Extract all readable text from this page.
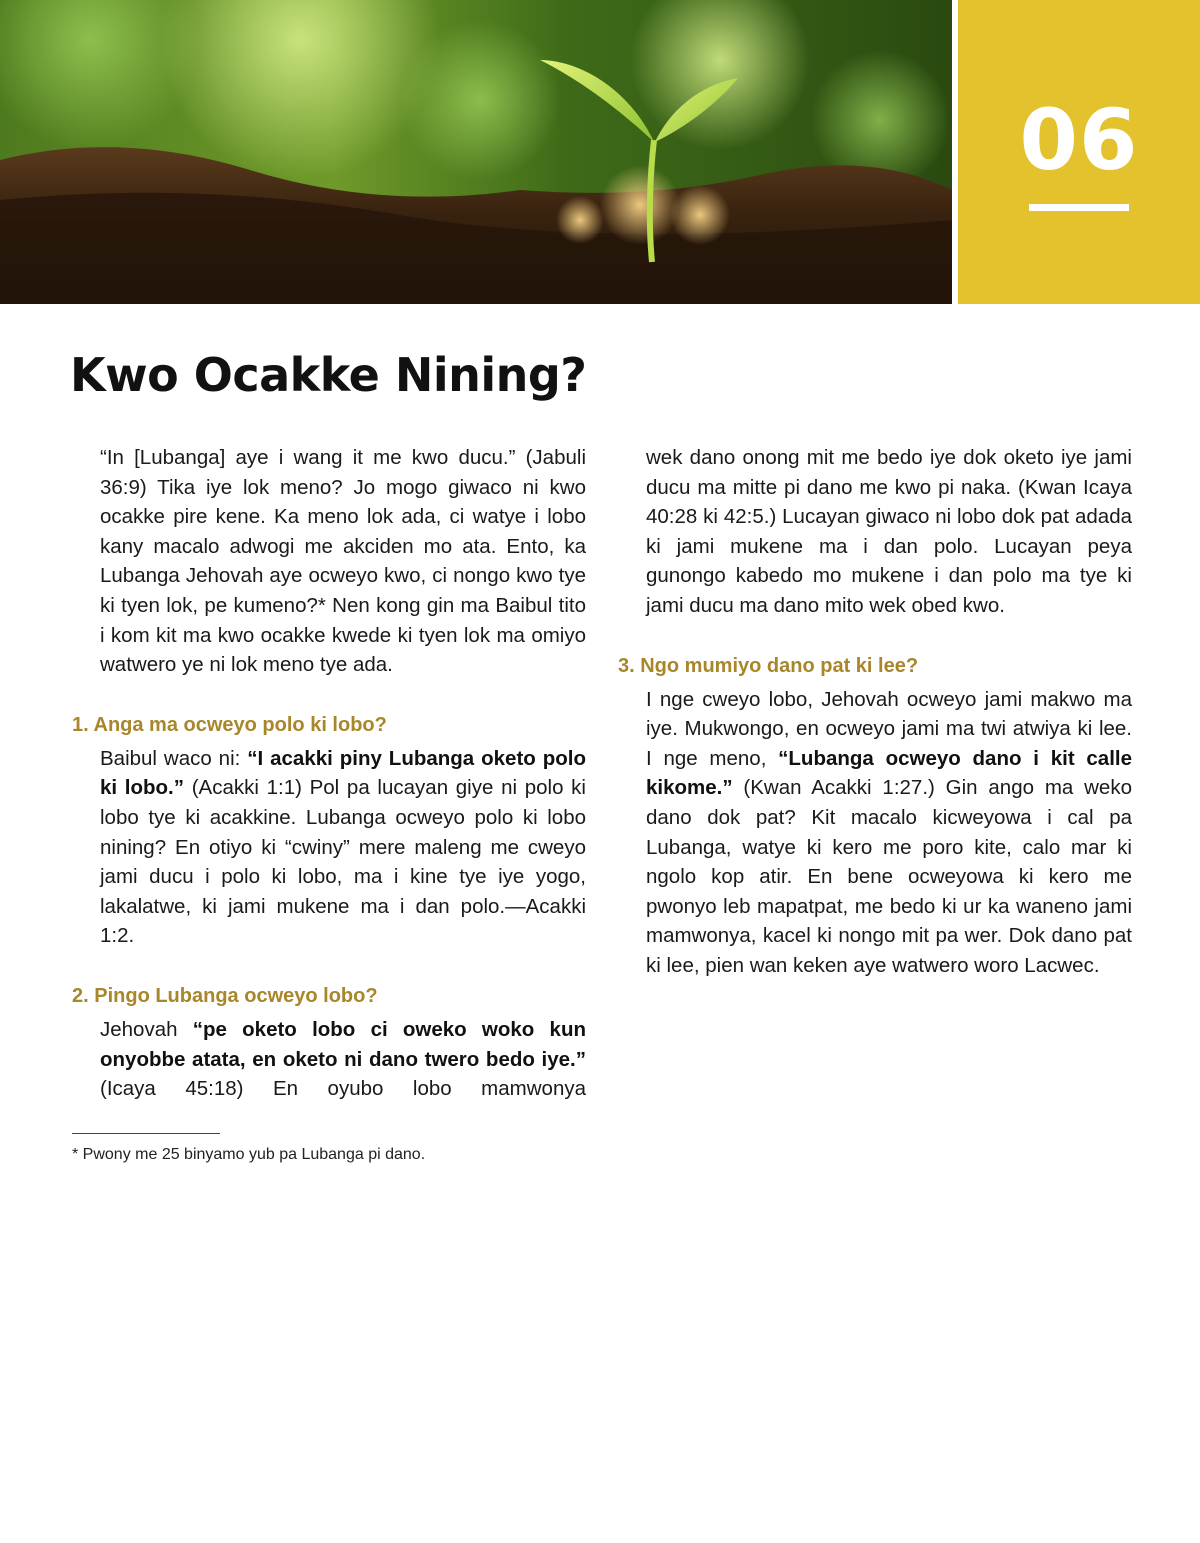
06
Kwo Ocakke Nining?

“In [Lubanga] aye i wang it me kwo ducu.” (Jabuli 36:9) Tika iye lok meno? Jo mogo giwaco ni kwo ocakke pire kene. Ka meno lok ada, ci watye i lobo kany macalo adwogi me akciden mo ata. Ento, ka Lubanga Jehovah aye ocweyo kwo, ci nongo kwo tye ki tyen lok, pe kumeno?* Nen kong gin ma Baibul tito i kom kit ma kwo ocakke kwede ki tyen lok ma omiyo watwero ye ni lok meno tye ada.

1. Anga ma ocweyo polo ki lobo?

Baibul waco ni: “I acakki piny Lubanga oketo polo ki lobo.” (Acakki 1:1) Pol pa lucayan giye ni polo ki lobo tye ki acakkine. Lubanga ocweyo polo ki lobo nining? En otiyo ki “cwiny” mere maleng me cweyo jami ducu i polo ki lobo, ma i kine tye iye yogo, lakalatwe, ki jami mukene ma i dan polo.—Acakki 1:2.

2. Pingo Lubanga ocweyo lobo?

Jehovah “pe oketo lobo ci oweko woko kun onyobbe atata, en oketo ni dano twero bedo iye.” (Icaya 45:18) En oyubo lobo mamwonya

wek dano onong mit me bedo iye dok oketo iye jami ducu ma mitte pi dano me kwo pi naka. (Kwan Icaya 40:28 ki 42:5.) Lucayan giwaco ni lobo dok pat adada ki jami mukene ma i dan polo. Lucayan peya gunongo kabedo mo mukene i dan polo ma tye ki jami ducu ma dano mito wek obed kwo.

3. Ngo mumiyo dano pat ki lee?

I nge cweyo lobo, Jehovah ocweyo jami makwo ma iye. Mukwongo, en ocweyo jami ma twi atwiya ki lee. I nge meno, “Lubanga ocweyo dano i kit calle kikome.” (Kwan Acakki 1:27.) Gin ango ma weko dano dok pat? Kit macalo kicweyowa i cal pa Lubanga, watye ki kero me poro kite, calo mar ki ngolo kop atir. En bene ocweyowa ki kero me pwonyo leb mapatpat, me bedo ki ur ka waneno jami mamwonya, kacel ki nongo mit pa wer. Dok dano pat ki lee, pien wan keken aye watwero woro Lacwec.

* Pwony me 25 binyamo yub pa Lubanga pi dano.
